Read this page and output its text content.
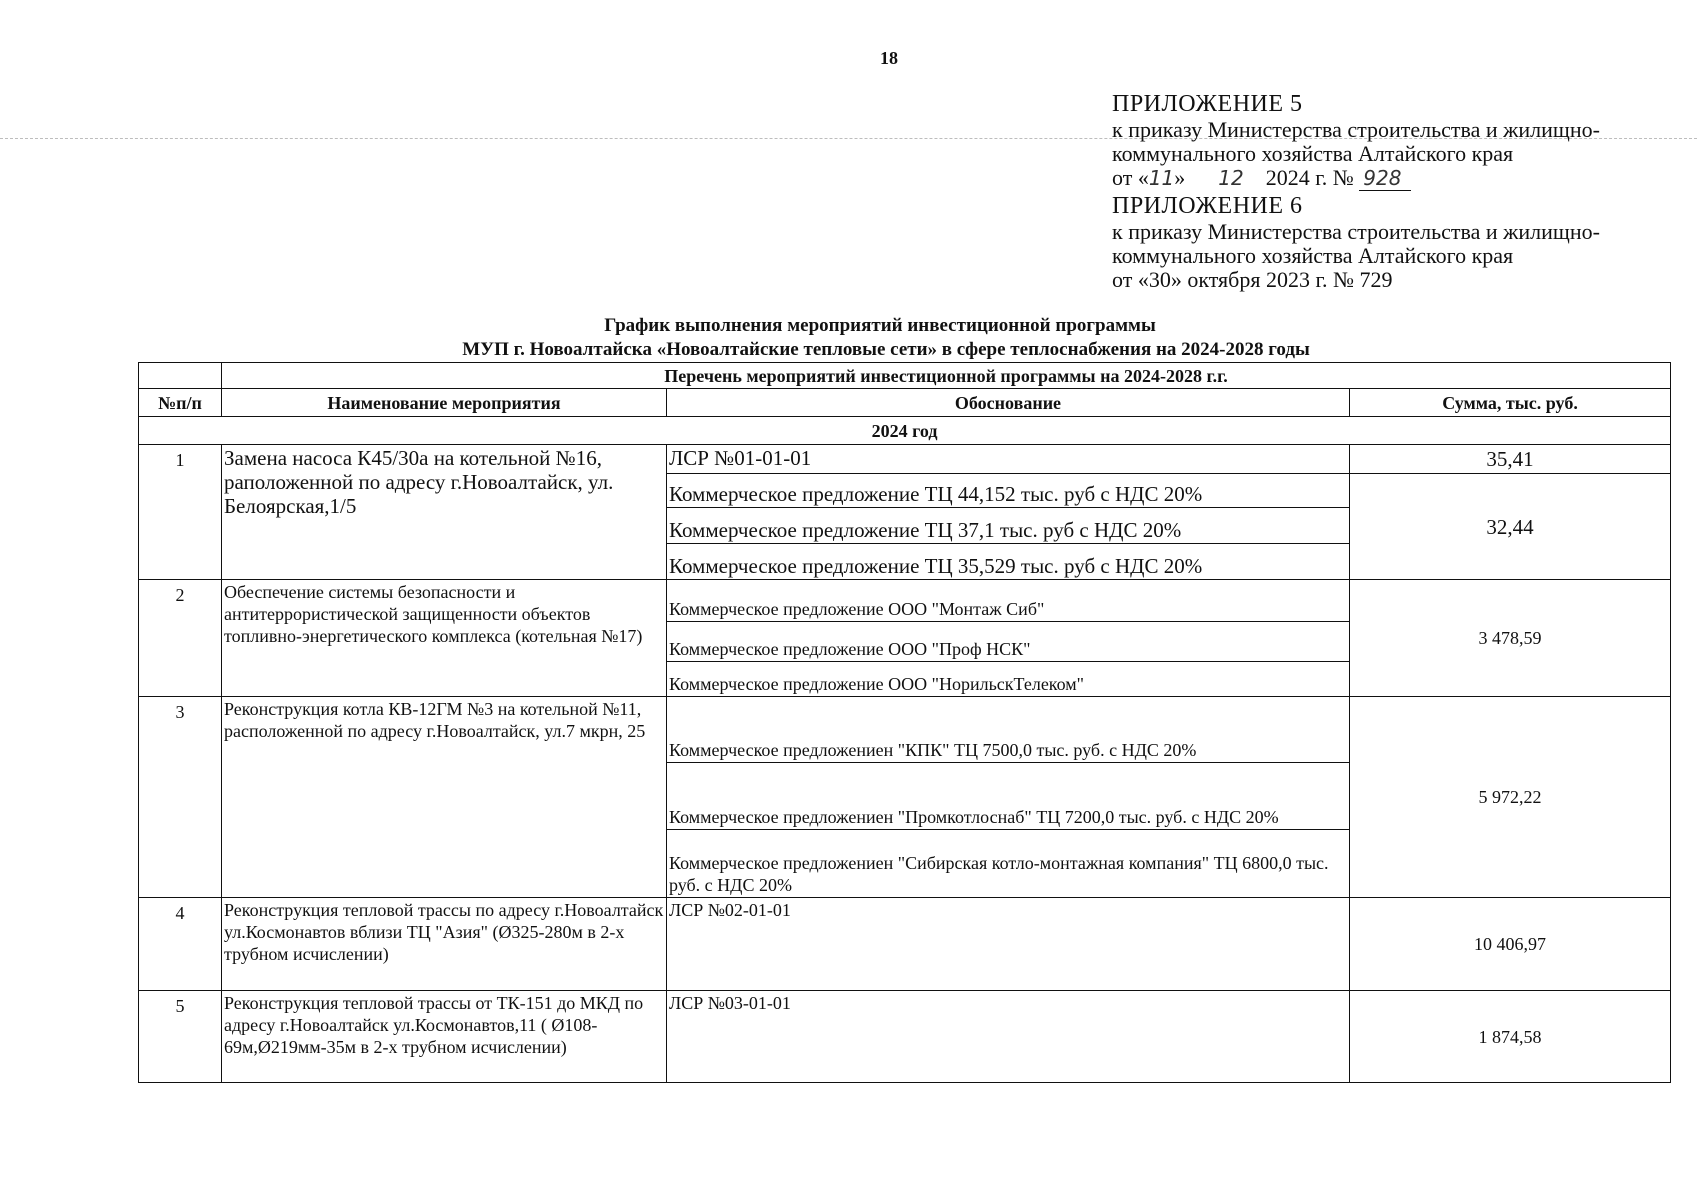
18
ПРИЛОЖЕНИЕ 5
к приказу Министерства строительства и жилищно-
коммунального хозяйства Алтайского края
от «11» 12 2024 г. № 928
ПРИЛОЖЕНИЕ 6
к приказу Министерства строительства и жилищно-
коммунального хозяйства Алтайского края
от «30» октября 2023 г. № 729
График выполнения мероприятий инвестиционной программы
МУП г. Новоалтайска «Новоалтайские тепловые сети» в сфере теплоснабжения на 2024-2028 годы
	Перечень мероприятий инвестиционной программы на 2024-2028 г.г.		
№п/п	Наименование мероприятия	Обоснование	Сумма, тыс. руб.
2024 год			
1	Замена насоса К45/30а на котельной №16, раположенной по адресу г.Новоалтайск, ул. Белоярская,1/5	ЛСР №01-01-01	35,41
		Коммерческое предложение ТЦ 44,152 тыс. руб с НДС 20%	32,44
		Коммерческое предложение ТЦ 37,1 тыс. руб с НДС 20%	
		Коммерческое предложение ТЦ 35,529 тыс. руб с НДС 20%	
2	Обеспечение системы безопасности и антитеррористической защищенности объектов топливно-энергетического комплекса (котельная №17)	Коммерческое предложение ООО "Монтаж Сиб"	3 478,59
		Коммерческое предложение ООО "Проф НСК"	
		Коммерческое предложение ООО "НорильскТелеком"	
3	Реконструкция котла КВ-12ГМ №3 на котельной №11, расположенной по адресу г.Новоалтайск, ул.7 мкрн, 25	Коммерческое предложениен "КПК" ТЦ 7500,0 тыс. руб. с НДС 20%	5 972,22
		Коммерческое предложениен "Промкотлоснаб" ТЦ 7200,0 тыс. руб. с НДС 20%	
		Коммерческое предложениен "Сибирская котло-монтажная компания" ТЦ 6800,0 тыс. руб. с НДС 20%	
4	Реконструкция тепловой трассы по адресу г.Новоалтайск ул.Космонавтов вблизи ТЦ "Азия" (Ø325-280м в 2-х трубном исчислении)	ЛСР №02-01-01	10 406,97
5	Реконструкция тепловой трассы от ТК-151 до МКД по адресу г.Новоалтайск ул.Космонавтов,11 ( Ø108-69м,Ø219мм-35м в 2-х трубном исчислении)	ЛСР №03-01-01	1 874,58
